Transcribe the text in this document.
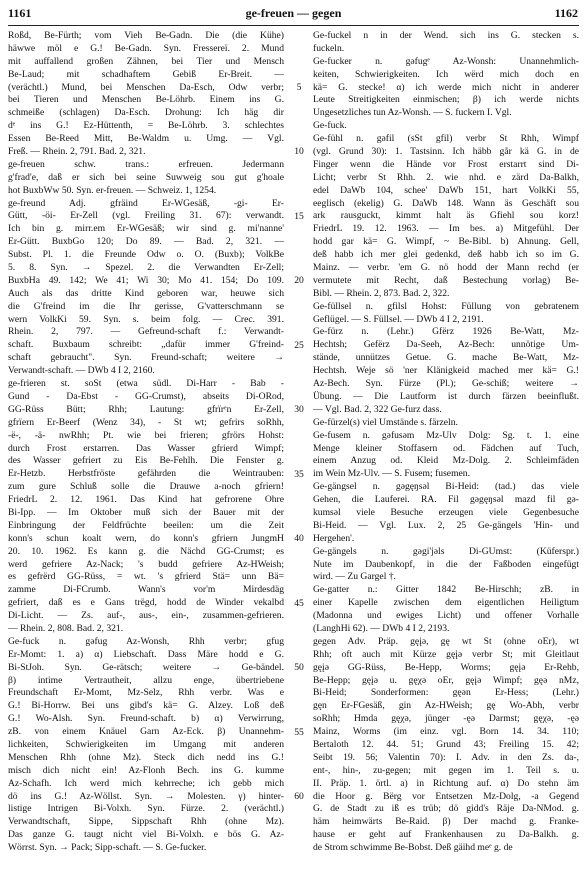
1161	ge-freuen — gegen	1162
Roßd, Be-Fürth; vom Vieh Be-Gadn. Die (die Kühe)
häwwe möl e G.! Be-Gadn. Syn. Fressereï. 2. Mund
mit auffallend großen Zähnen, bei Tier und Mensch
Be-Laud; mit schadhaftem Gebiß Er-Breit. —
(verächtl.) Mund, bei Menschen Da-Esch, Odw verbr;
bei Tieren und Menschen Be-Löhrb. Einem ins G.
schmeiße (schlagen) Da-Esch. Drohung: Ich häg dir
dᵉ ins G.! Ez-Hüttenth, = Be-Löhrb. 3. schlechtes
Essen Be-Reed Mitt, Be-Waldm u. Umg. — Vgl.
Freß. — Rhein. 2, 791. Bad. 2, 321.
ge-freuen schw. trans.: erfreuen. Jedermann
g'frad'e, daß er sich bei seine Suwweig sou gut g'hoale
hot BuxbWw 50. Syn. er-freuen. — Schweiz. 1, 1254.
ge-freund Adj. gfräind Er-WGesäß, -gi- Er-
Gütt, -öi- Er-Zell (vgl. Freiling 31. 67): verwandt.
Ich bin g. mirr.em Er-WGesäß; wir sind g. mi'nanne'
Er-Gütt. BuxbGo 120; Do 89. — Bad. 2, 321. —
Subst. Pl. 1. die Freunde Odw o. O. (Buxb); VolkBe
5. 8. Syn. → Spezel. 2. die Verwandten Er-Zell;
BuxbHa 49. 142; We 41; Wi 30; Mo 41. 154; Do 109.
Auch als das dritte Kind geboren war, heuwe sich
die G'freind im die Ihr gerisse, G'vatterschmann se
wern VolkKi 59. Syn. s. beim folg. — Crec. 391.
Rhein. 2, 797. — Gefreund-schaft f.: Verwandt-
schaft. Buxbaum schreibt: „dafür immer G'freind-
schaft gebraucht". Syn. Freund-schaft; weitere →
Verwandt-schaft. — DWb 4 I 2, 2160.
ge-frieren st. soSt (etwa südl. Di-Harr - Bab -
Gund - Da-Ebst - GG-Crumst), abseits Di-ORod,
GG-Rüss Bütt; Rhh; Lautung: gfrïrᵉn Er-Zell,
gfrïern Er-Beerf (Wenz 34), - St wt; gefrirs soRhh,
-ë-, -ä- nwRhh; Pt. wie bei frieren; gfrörs Hohst:
durch Frost erstarren. Das Wasser gfrierd Wimpf;
des Wasser gefriert zu Eis Be-Fehlh. Die Fenster g.
Er-Hetzb. Herbstfröste gefährden die Weintrauben:
zum gure Schluß solle die Drauwe a-noch gfriern!
FriedrL 2. 12. 1961. Das Kind hat gefrorene Ohre
Bi-Ipp. — Im Oktober muß sich der Bauer mit der
Einbringung der Feldfrüchte beeilen: um die Zeit
konn's schun koalt wern, do konn's gfriern JungmH
20. 10. 1962. Es kann g. die Nächd GG-Crumst; es
werd gefriere Az-Nack; 's budd gefriere Az-HWeish;
es gefrërd GG-Rüss, = wt. 's gfrierd Stä= unn Bä=
zamme Di-FCrumb. Wann's vor'm Mirdesdäg
gefriert, daß es e Gans trëgd, hodd de Winder vekalbd
Di-Licht. — Zs. auf-, aus-, ein-, zusammen-gefrieren.
— Rhein. 2, 808. Bad. 2, 321.
Ge-fuck n. gəfug Az-Wonsh, Rhh verbr; gfug
Er-Momt: 1. a) α) Liebschaft. Dass Märe hodd e G.
Bi-StJoh. Syn. Ge-rätsch; weitere → Ge-bändel.
β) intime Vertrautheit, allzu enge, übertriebene
Freundschaft Er-Momt, Mz-Selz, Rhh verbr. Was e
G.! Bi-Horrw. Bei uns gibd's kä= G. Alzey. Loß deß
G.! Wo-Alsh. Syn. Freund-schaft. b) α) Verwirrung,
zB. von einem Knäuel Garn Az-Eck. β) Unannehm-
lichkeiten, Schwierigkeiten im Umgang mit anderen
Menschen Rhh (ohne Mz). Steck dich nedd ins G.!
misch dich nicht ein! Az-Flonh Bech. ins G. kumme
Az-Schafh. Ich werd mich kehrreche; ich gebb mich
dö ins G.! Az-Wöllst. Syn. → Molesten. γ) hinter-
listige Intrigen Bi-Volxh. Syn. Fürze. 2. (verächtl.)
Verwandtschaft, Sippe, Sippschaft Rhh (ohne Mz).
Das ganze G. taugt nicht viel Bi-Volxh. e bös G. Az-
Wörrst. Syn. → Pack; Sipp-schaft. — S. Ge-fucker.
5
10
15
20
25
30
35
40
45
50
55
60
Ge-fuckel n in der Wend. sich ins G. stecken s.
fuckeln.
Ge-fucker n. gəfugᵉ Az-Wonsh: Unannehmlich-
keiten, Schwierigkeiten. Ich wërd mich doch en
kä= G. stecke! α) ich werde mich nicht in anderer
Leute Streitigkeiten einmischen; β) ich werde nichts
Ungesetzliches tun Az-Wonsh. — S. fuckern I. Vgl.
Ge-fuck.
Ge-fühl n. gəfil (sSt gfil) verbr St Rhh, Wimpf
(vgl. Grund 30): 1. Tastsinn. Ich häbb går kä G. in de
Finger wenn die Hände vor Frost erstarrt sind Di-
Licht; verbr St Rhh. 2. wie nhd. e zärd Da-Balkh,
edel DaWb 104, schee' DaWb 151, hart VolkKi 55,
eeglisch (ekelig) G. DaWb 148. Wann äs Geschäft sou
ark rausguckt, kimmt halt äs Gfiehl sou korz!
FriedrL 19. 12. 1963. — Im bes. a) Mitgefühl. Der
hodd gar kä= G. Wimpf, ~ Be-Bibl. b) Ahnung. Gell,
deß habb ich mer glei gedenkd, deß habb ich so im G.
Mainz. — verbr. 'em G. nö hodd der Mann rechd (er
vermutete mit Recht, daß Bestechung vorlag) Be-
Bibl. — Rhein. 2, 873. Bad. 2, 322.
Ge-füllsel n. gfilsl Hohst: Füllung von gebratenem
Geflügel. — S. Füllsel. — DWb 4 I 2, 2191.
Ge-fürz n. (Lehr.) Gfërz 1926 Be-Watt, Mz-
Hechtsh; Gefërz Da-Seeh, Az-Bech: unnötige Um-
stände, unnützes Getue. G. mache Be-Watt, Mz-
Hechtsh. Weje sö 'ner Klänigkeid mached mer kä= G.!
Az-Bech. Syn. Fürze (Pl.); Ge-schiß; weitere →
Übung. — Die Lautform ist durch färzen beeinflußt.
— Vgl. Bad. 2, 322 Ge-furz dass.
Ge-fürzel(s) viel Umstände s. färzeln.
Ge-fusem n. gəfusəm Mz-Ulv Dolg: Sg. t. 1. eine
Menge kleiner Stoffasern od. Fädchen auf Tuch,
einem Anzug od. Kleid Mz-Dolg. 2. Schleimfäden
im Wein Mz-Ulv. — S. Fusem; fusemen.
Ge-gängsel n. gəgęŋsəl Bi-Heid: (tad.) das viele
Gehen, die Lauferei. RA. Fil gəgęŋsəl mazd fil gə-
kumsəl viele Besuche erzeugen viele Gegenbesuche
Bi-Heid. — Vgl. Lux. 2, 25 Ge-gängels 'Hin- und
Hergehen'.
Ge-gängels n. gəgi'jəls Di-GUmst: (Küferspr.)
Nute im Daubenkopf, in die der Faßboden eingefügt
wird. — Zu Gargel †.
Ge-gatter n.: Gitter 1842 Be-Hirschh; zB. in
einer Kapelle zwischen dem eigentlichen Heiligtum
(Madonna und ewiges Licht) und offener Vorhalle
(LanghHi 62). — DWb 4 I 2, 2193.
gegen Adv. Präp. gęįə, gę wt St (ohne oEr), wt
Rhh; oft auch mit Kürze gęįə verbr St; mit Gleitlaut
gęįə GG-Rüss, Be-Hepp, Worms; gęįə Er-Rehb,
Be-Hepp; gęįə u. gęχə oEr, gęįə Wimpf; gęə nMz,
Bi-Heid; Sonderformen: gęən Er-Hess; (Lehr.)
gęn Er-FGesäß, gin Az-HWeish; gę Wo-Abh, verbr
soRhh; Hmda gęχə, jünger -ęə Darmst; gęχə, -ęə
Mainz, Worms (im einz. vgl. Born 14. 34. 110;
Bertaloth 12. 44. 51; Grund 43; Freiling 15. 42;
Seibt 19. 56; Valentin 70): I. Adv. in den Zs. da-,
ent-, hin-, zu-gegen; mit gegen im 1. Teil s. u.
II. Präp. 1. örtl. a) in Richtung auf. α) Do stehn äm
die Hoor g. Bërg vor Entsetzen Mz-Dolg, -a Gegend
G. de Stadt zu iß es trüb; dö gidd's Räje Da-NMod. g.
häm heimwärts Be-Raid. β) Der machd g. Franke-
hause er geht auf Frankenhausen zu Da-Balkh. g.
de Strom schwimme Be-Bobst. Deß gäihd meᵉ g. de
